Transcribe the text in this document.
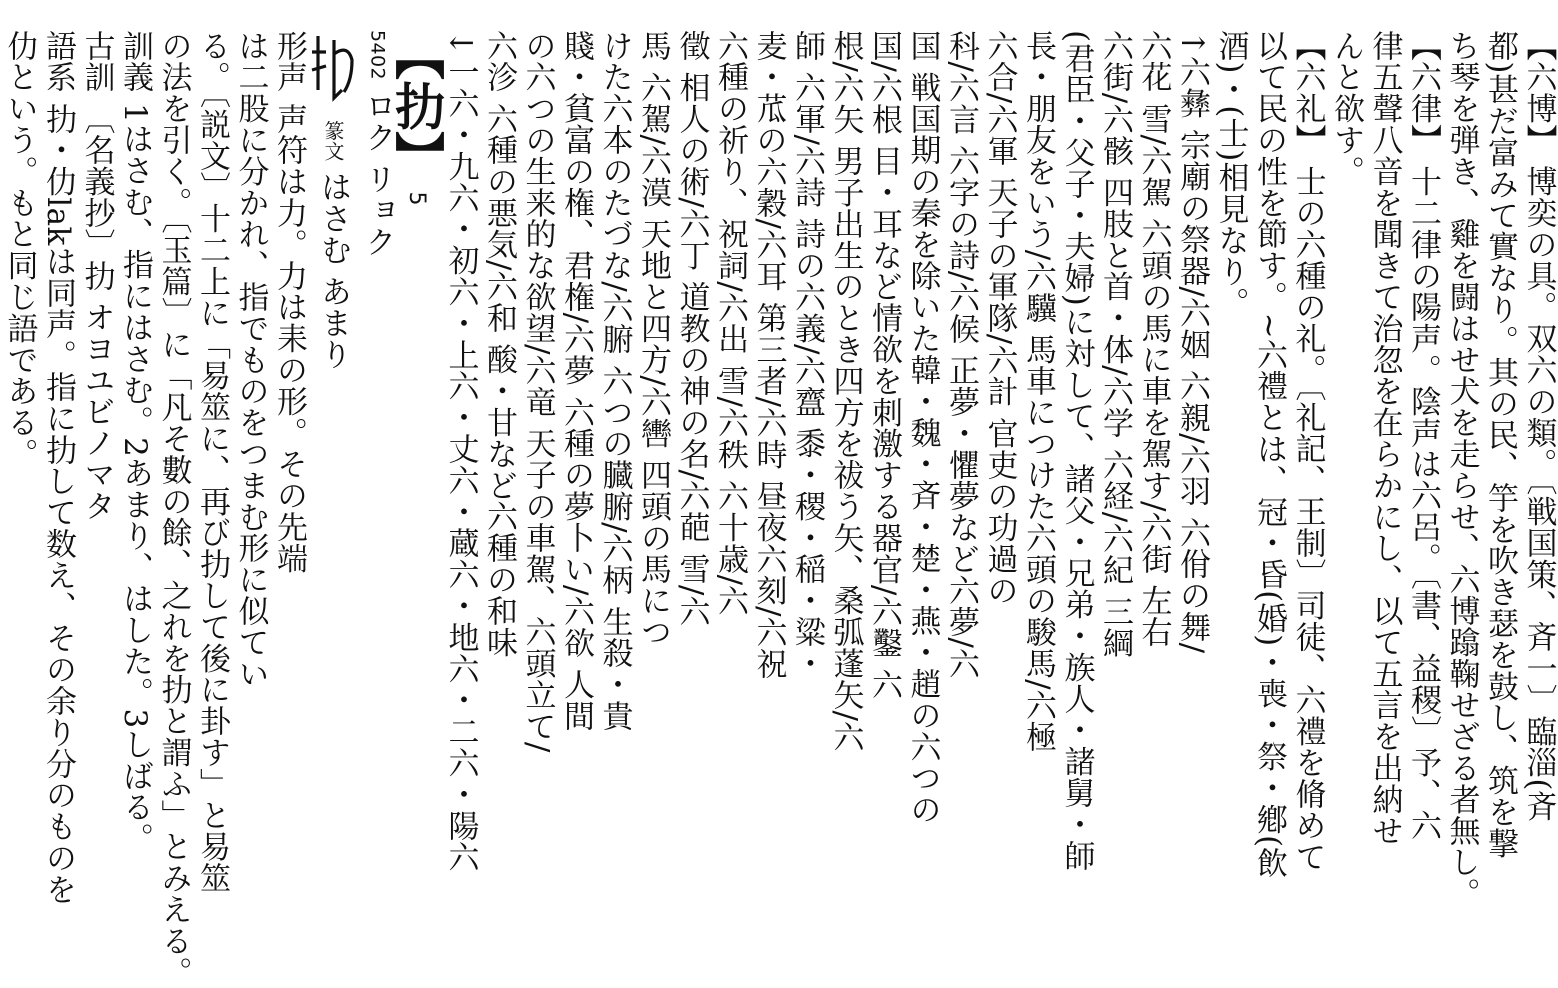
【六博】 博奕の具。双六の類。〔戦国策、斉一〕臨淄(斉

都)甚だ富みて實なり。其の民、竽を吹き瑟を鼓し、筑を撃

ち琴を弾き、雞を闘はせ犬を走らせ、六博蹹鞠せざる者無し。

【六律】 十二律の陽声。陰声は六呂。〔書、益稷〕予、六

律五聲八音を聞きて治忽を在らかにし、以て五言を出納せ

んと欲す。

【六礼】 士の六種の礼。〔礼記、王制〕司徒、六禮を脩めて

以て民の性を節す。~六禮とは、冠・昏(婚)・喪・祭・鄕(飲

酒)・(士)相見なり。

↑六彝 宗廟の祭器/六姻 六親/六羽 六佾の舞/

六花 雪/六駕 六頭の馬に車を駕す/六街 左右

六街/六骸 四肢と首・体/六学 六経/六紀 三綱

(君臣・父子・夫婦)に対して、諸父・兄弟・族人・諸舅・師

長・朋友をいう/六驥 馬車につけた六頭の駿馬/六極

六合/六軍 天子の軍隊/六計 官吏の功過の

科/六言 六字の詩/六候 正夢・懼夢など六夢/六

国 戦国期の秦を除いた韓・魏・斉・楚・燕・趙の六つの

国/六根 目・耳など情欲を刺激する器官/六鑿 六

根/六矢 男子出生のとき四方を祓う矢、桑弧蓬矢/六

師 六軍/六詩 詩の六義/六齍 黍・稷・稲・粱・

麦・苽の六穀/六耳 第三者/六時 昼夜六刻/六祝

六種の祈り、祝詞/六出 雪/六秩 六十歳/六

徵 相人の術/六丁 道教の神の名/六葩 雪/六

馬 六駕/六漠 天地と四方/六轡 四頭の馬につ

けた六本のたづな/六腑 六つの臓腑/六柄 生殺・貴

賤・貧富の権、君権/六夢 六種の夢卜い/六欲 人間

の六つの生来的な欲望/六竜 天子の車駕、六頭立て/

六沴 六種の悪気/六和 酸・甘など六種の和味

↓一六・九六・初六・上六・丈六・蔵六・地六・二六・陽六

【扐】 5

5402 ロク リョク

篆文 はさむ あまり

形声 声符は力。力は耒の形。その先端

は二股に分かれ、指でものをつまむ形に似てい

る。〔説文〕十二上に「易筮に、再び扐して後に卦す」と易筮

の法を引く。〔玉篇〕に「凡そ數の餘、之れを扐と謂ふ」とみえる。

訓義 1はさむ、指にはさむ。2あまり、はした。3しばる。

古訓 〔名義抄〕扐 オヨユビノマタ

語系 扐・仂lakは同声。指に扐して数え、その余り分のものを

仂という。もと同じ語である。
